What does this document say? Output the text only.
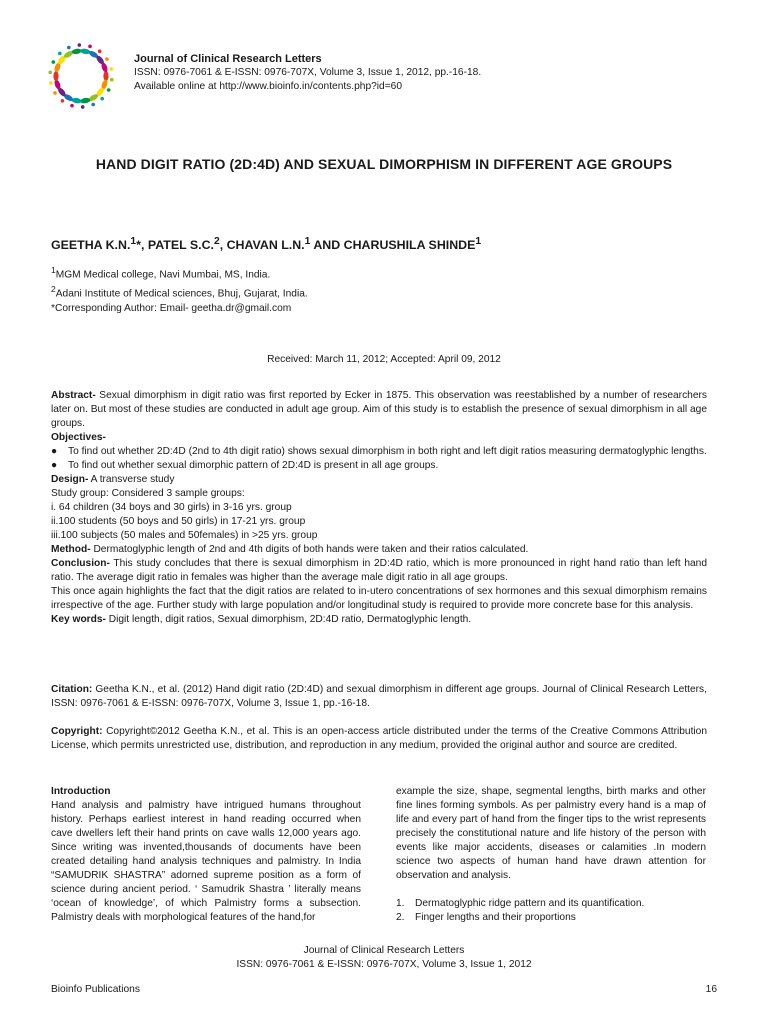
Journal of Clinical Research Letters
ISSN: 0976-7061 & E-ISSN: 0976-707X, Volume 3, Issue 1, 2012, pp.-16-18.
Available online at http://www.bioinfo.in/contents.php?id=60
HAND DIGIT RATIO (2D:4D) AND SEXUAL DIMORPHISM IN DIFFERENT AGE GROUPS
GEETHA K.N.$^1$*, PATEL S.C.$^2$, CHAVAN L.N.$^1$ AND CHARUSHILA SHINDE$^1$
$^1$MGM Medical college, Navi Mumbai, MS, India.
$^2$Adani Institute of Medical sciences, Bhuj, Gujarat, India.
*Corresponding Author: Email- geetha.dr@gmail.com
Received: March 11, 2012; Accepted: April 09, 2012

Abstract- Sexual dimorphism in digit ratio was first reported by Ecker in 1875. This observation was reestablished by a number of researchers later on. But most of these studies are conducted in adult age group. Aim of this study is to establish the presence of sexual dimorphism in all age groups.

Objectives-

●	To find out whether 2D:4D (2nd to 4th digit ratio) shows sexual dimorphism in both right and left digit ratios measuring dermatoglyphic lengths.
●	To find out whether sexual dimorphic pattern of 2D:4D is present in all age groups.

Design- A transverse study

Study group: Considered 3 sample groups:

i. 64 children (34 boys and 30 girls) in 3-16 yrs. group

ii.100 students (50 boys and 50 girls) in 17-21 yrs. group

iii.100 subjects (50 males and 50females) in >25 yrs. group

Method- Dermatoglyphic length of 2nd and 4th digits of both hands were taken and their ratios calculated.

Conclusion- This study concludes that there is sexual dimorphism in 2D:4D ratio, which is more pronounced in right hand ratio than left hand ratio. The average digit ratio in females was higher than the average male digit ratio in all age groups.

This once again highlights the fact that the digit ratios are related to in-utero concentrations of sex hormones and this sexual dimorphism remains irrespective of the age. Further study with large population and/or longitudinal study is required to provide more concrete base for this analysis.

Key words- Digit length, digit ratios, Sexual dimorphism, 2D:4D ratio, Dermatoglyphic length.

Citation: Geetha K.N., et al. (2012) Hand digit ratio (2D:4D) and sexual dimorphism in different age groups. Journal of Clinical Research Letters, ISSN: 0976-7061 & E-ISSN: 0976-707X, Volume 3, Issue 1, pp.-16-18.

Copyright: Copyright©2012 Geetha K.N., et al. This is an open-access article distributed under the terms of the Creative Commons Attribution License, which permits unrestricted use, distribution, and reproduction in any medium, provided the original author and source are credited.

Introduction

Hand analysis and palmistry have intrigued humans throughout history. Perhaps earliest interest in hand reading occurred when cave dwellers left their hand prints on cave walls 12,000 years ago. Since writing was invented,thousands of documents have been created detailing hand analysis techniques and palmistry. In India “SAMUDRIK SHASTRA” adorned supreme position as a form of science during ancient period. ‘ Samudrik Shastra ’ literally means ‘ocean of knowledge’, of which Palmistry forms a subsection. Palmistry deals with morphological features of the hand,for

example the size, shape, segmental lengths, birth marks and other fine lines forming symbols. As per palmistry every hand is a map of life and every part of hand from the finger tips to the wrist represents precisely the constitutional nature and life history of the person with events like major accidents, diseases or calamities .In modern science two aspects of human hand have drawn attention for observation and analysis.

1.	Dermatoglyphic ridge pattern and its quantification.
2.	Finger lengths and their proportions
Journal of Clinical Research Letters
ISSN: 0976-7061 & E-ISSN: 0976-707X, Volume 3, Issue 1, 2012
Bioinfo Publications	16
